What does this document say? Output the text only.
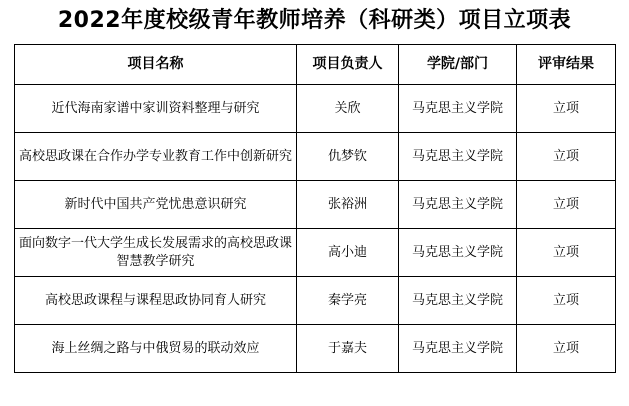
2022年度校级青年教师培养（科研类）项目立项表
项目名称	项目负责人	学院/部门	评审结果
近代海南家谱中家训资料整理与研究	关欣	马克思主义学院	立项
高校思政课在合作办学专业教育工作中创新研究	仇梦钦	马克思主义学院	立项
新时代中国共产党忧患意识研究	张裕洲	马克思主义学院	立项
面向数字一代大学生成长发展需求的高校思政课智慧教学研究	高小迪	马克思主义学院	立项
高校思政课程与课程思政协同育人研究	秦学亮	马克思主义学院	立项
海上丝绸之路与中俄贸易的联动效应	于嘉夫	马克思主义学院	立项
